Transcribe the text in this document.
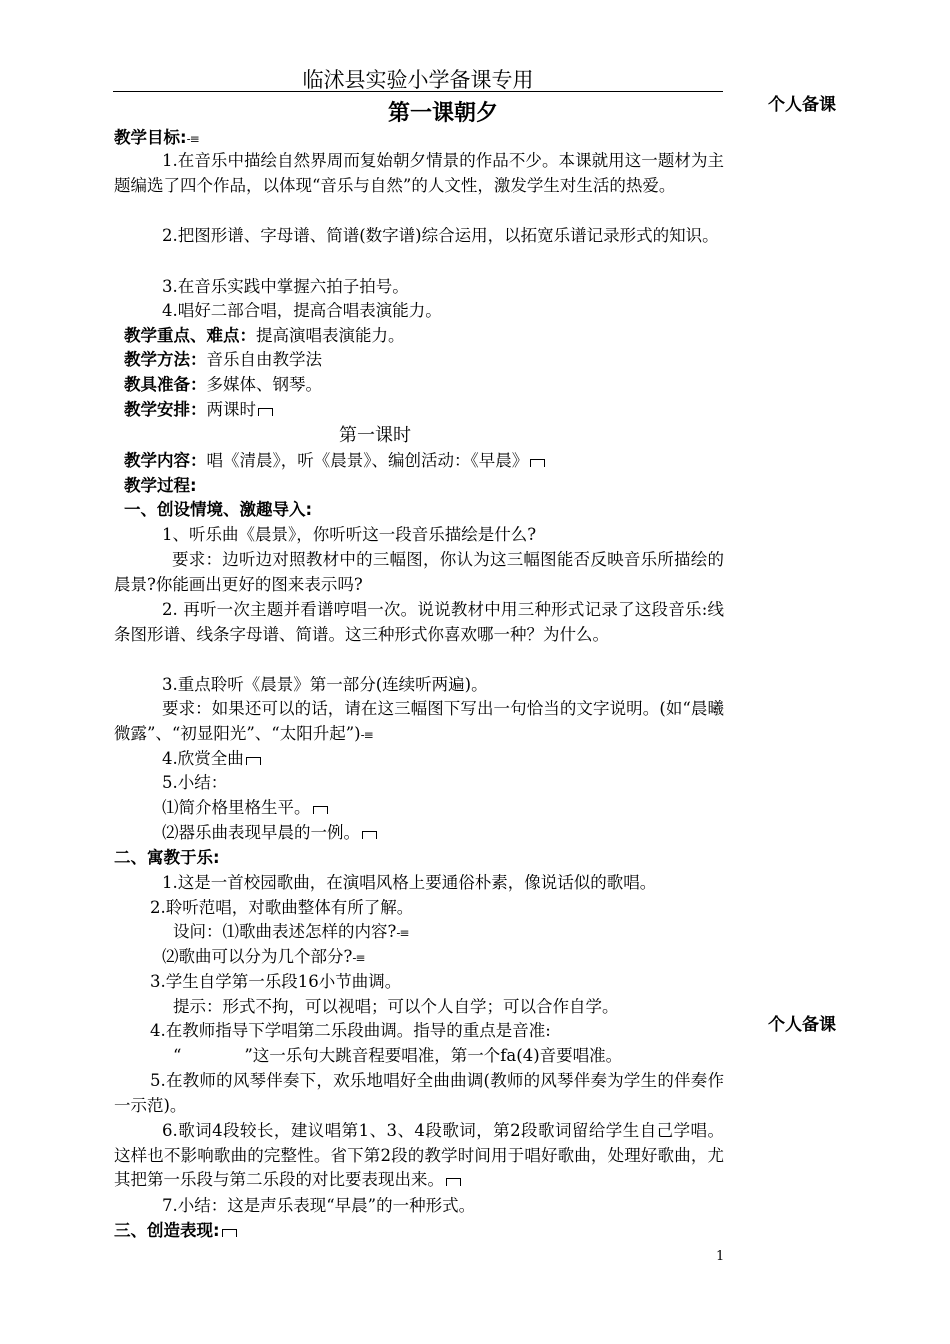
临沭县实验小学备课专用
第一课朝夕	个人备课
教学目标:-≡
1.在音乐中描绘自然界周而复始朝夕情景的作品不少。本课就用这一题材为主题编选了四个作品，以体现“音乐与自然”的人文性，激发学生对生活的热爱。
2.把图形谱、字母谱、简谱(数字谱)综合运用，以拓宽乐谱记录形式的知识。
3.在音乐实践中掌握六拍子拍号。
4.唱好二部合唱，提高合唱表演能力。
教学重点、难点：提高演唱表演能力。
教学方法：音乐自由教学法
教具准备：多媒体、钢琴。
教学安排：两课时
第一课时
教学内容：唱《清晨》，听《晨景》、编创活动：《早晨》
教学过程:
一、创设情境、激趣导入:
1、听乐曲《晨景》，你听听这一段音乐描绘是什么?
要求：边听边对照教材中的三幅图，你认为这三幅图能否反映音乐所描绘的晨景?你能画出更好的图来表示吗?
2. 再听一次主题并看谱哼唱一次。说说教材中用三种形式记录了这段音乐:线条图形谱、线条字母谱、简谱。这三种形式你喜欢哪一种？为什么。
3.重点聆听《晨景》第一部分(连续听两遍)。
要求：如果还可以的话，请在这三幅图下写出一句恰当的文字说明。(如“晨曦微露”、“初显阳光”、“太阳升起”)-≡
4.欣赏全曲
5.小结：
⑴简介格里格生平。
⑵器乐曲表现早晨的一例。
二、寓教于乐:
1.这是一首校园歌曲，在演唱风格上要通俗朴素，像说话似的歌唱。
2.聆听范唱，对歌曲整体有所了解。
设问：⑴歌曲表述怎样的内容?-≡
⑵歌曲可以分为几个部分?-≡
3.学生自学第一乐段16小节曲调。
提示：形式不拘，可以视唱；可以个人自学；可以合作自学。
4.在教师指导下学唱第二乐段曲调。指导的重点是音准:
“            ”这一乐句大跳音程要唱准，第一个fa(4)音要唱准。
5.在教师的风琴伴奏下，欢乐地唱好全曲曲调(教师的风琴伴奏为学生的伴奏作一示范)。
6.歌词4段较长，建议唱第1、3、4段歌词，第2段歌词留给学生自己学唱。这样也不影响歌曲的完整性。省下第2段的教学时间用于唱好歌曲，处理好歌曲，尤其把第一乐段与第二乐段的对比要表现出来。
7.小结：这是声乐表现“早晨”的一种形式。
三、创造表现:
个人备课
1
